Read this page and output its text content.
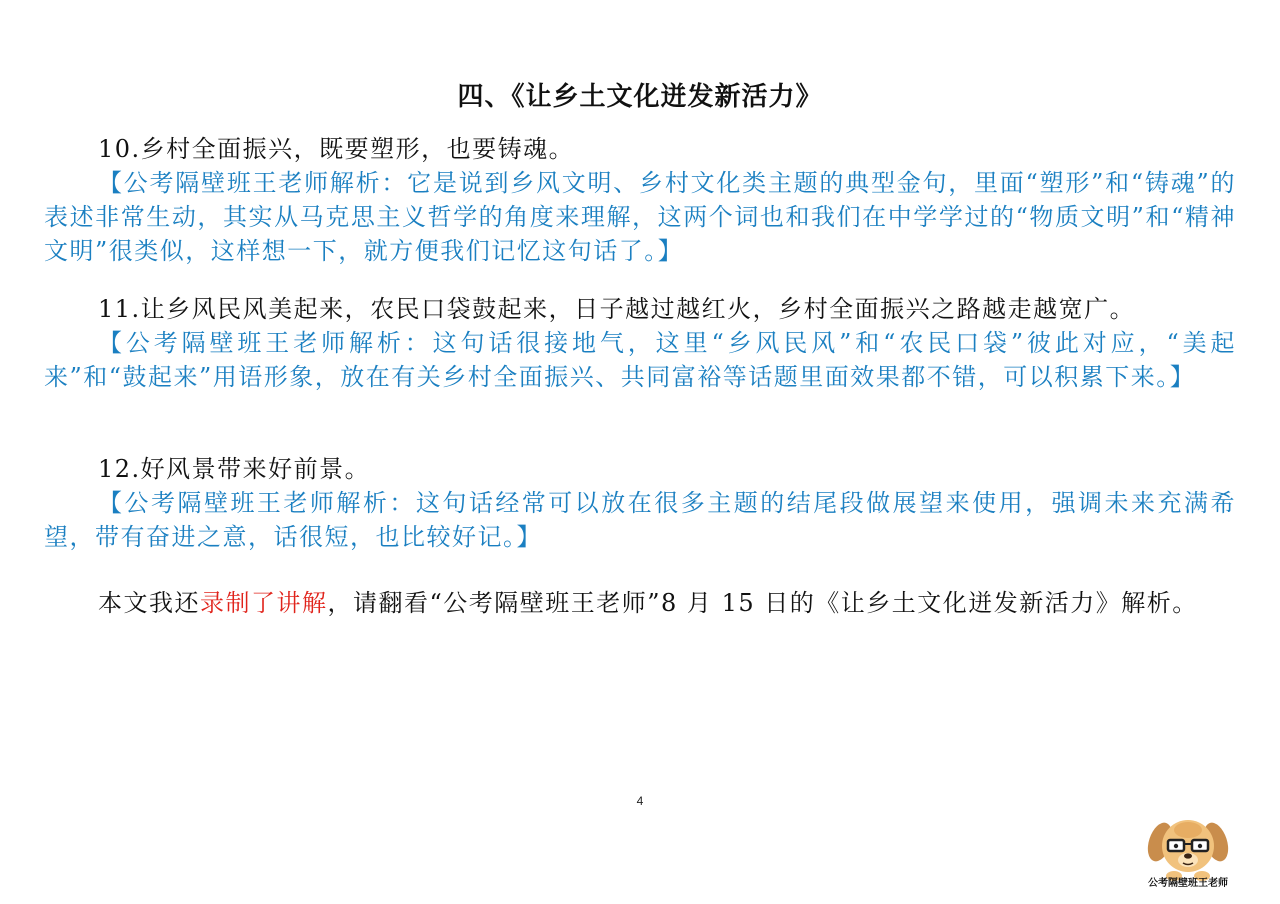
四、《让乡土文化迸发新活力》
10.乡村全面振兴，既要塑形，也要铸魂。
【公考隔壁班王老师解析：它是说到乡风文明、乡村文化类主题的典型金句，里面“塑形”和“铸魂”的表述非常生动，其实从马克思主义哲学的角度来理解，这两个词也和我们在中学学过的“物质文明”和“精神文明”很类似，这样想一下，就方便我们记忆这句话了。】
11.让乡风民风美起来，农民口袋鼓起来，日子越过越红火，乡村全面振兴之路越走越宽广。
【公考隔壁班王老师解析：这句话很接地气，这里“乡风民风”和“农民口袋”彼此对应，“美起来”和“鼓起来”用语形象，放在有关乡村全面振兴、共同富裕等话题里面效果都不错，可以积累下来。】
12.好风景带来好前景。
【公考隔壁班王老师解析：这句话经常可以放在很多主题的结尾段做展望来使用，强调未来充满希望，带有奋进之意，话很短，也比较好记。】
本文我还录制了讲解，请翻看“公考隔壁班王老师”8 月 15 日的《让乡土文化迸发新活力》解析。
4
公考隔壁班王老师
